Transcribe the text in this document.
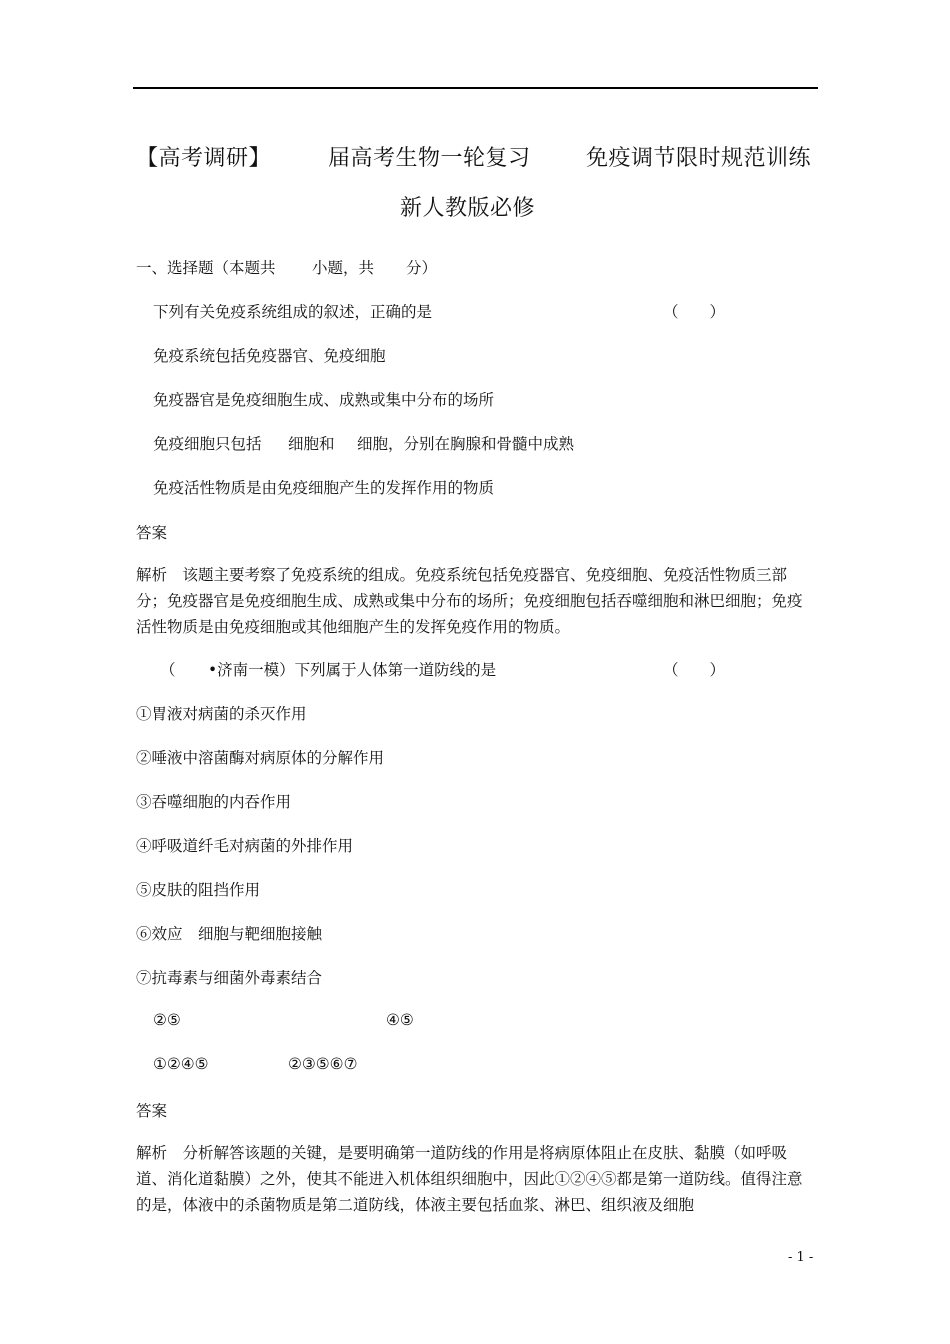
【高考调研】	届高考生物一轮复习	免疫调节限时规范训练
新人教版必修
一、选择题（本题共 小题，共 分）
下列有关免疫系统组成的叙述，正确的是	（　　）
免疫系统包括免疫器官、免疫细胞
免疫器官是免疫细胞生成、成熟或集中分布的场所
免疫细胞只包括 细胞和 细胞，分别在胸腺和骨髓中成熟
免疫活性物质是由免疫细胞产生的发挥作用的物质
答案
解析　该题主要考察了免疫系统的组成。免疫系统包括免疫器官、免疫细胞、免疫活性物质三部分；免疫器官是免疫细胞生成、成熟或集中分布的场所；免疫细胞包括吞噬细胞和淋巴细胞；免疫活性物质是由免疫细胞或其他细胞产生的发挥免疫作用的物质。
（ •济南一模）下列属于人体第一道防线的是	（　　）
①胃液对病菌的杀灭作用
②唾液中溶菌酶对病原体的分解作用
③吞噬细胞的内吞作用
④呼吸道纤毛对病菌的外排作用
⑤皮肤的阻挡作用
⑥效应　细胞与靶细胞接触
⑦抗毒素与细菌外毒素结合
②⑤	④⑤
①②④⑤	②③⑤⑥⑦
答案
解析　分析解答该题的关键，是要明确第一道防线的作用是将病原体阻止在皮肤、黏膜（如呼吸道、消化道黏膜）之外，使其不能进入机体组织细胞中，因此①②④⑤都是第一道防线。值得注意的是，体液中的杀菌物质是第二道防线，体液主要包括血浆、淋巴、组织液及细胞
- 1 -
